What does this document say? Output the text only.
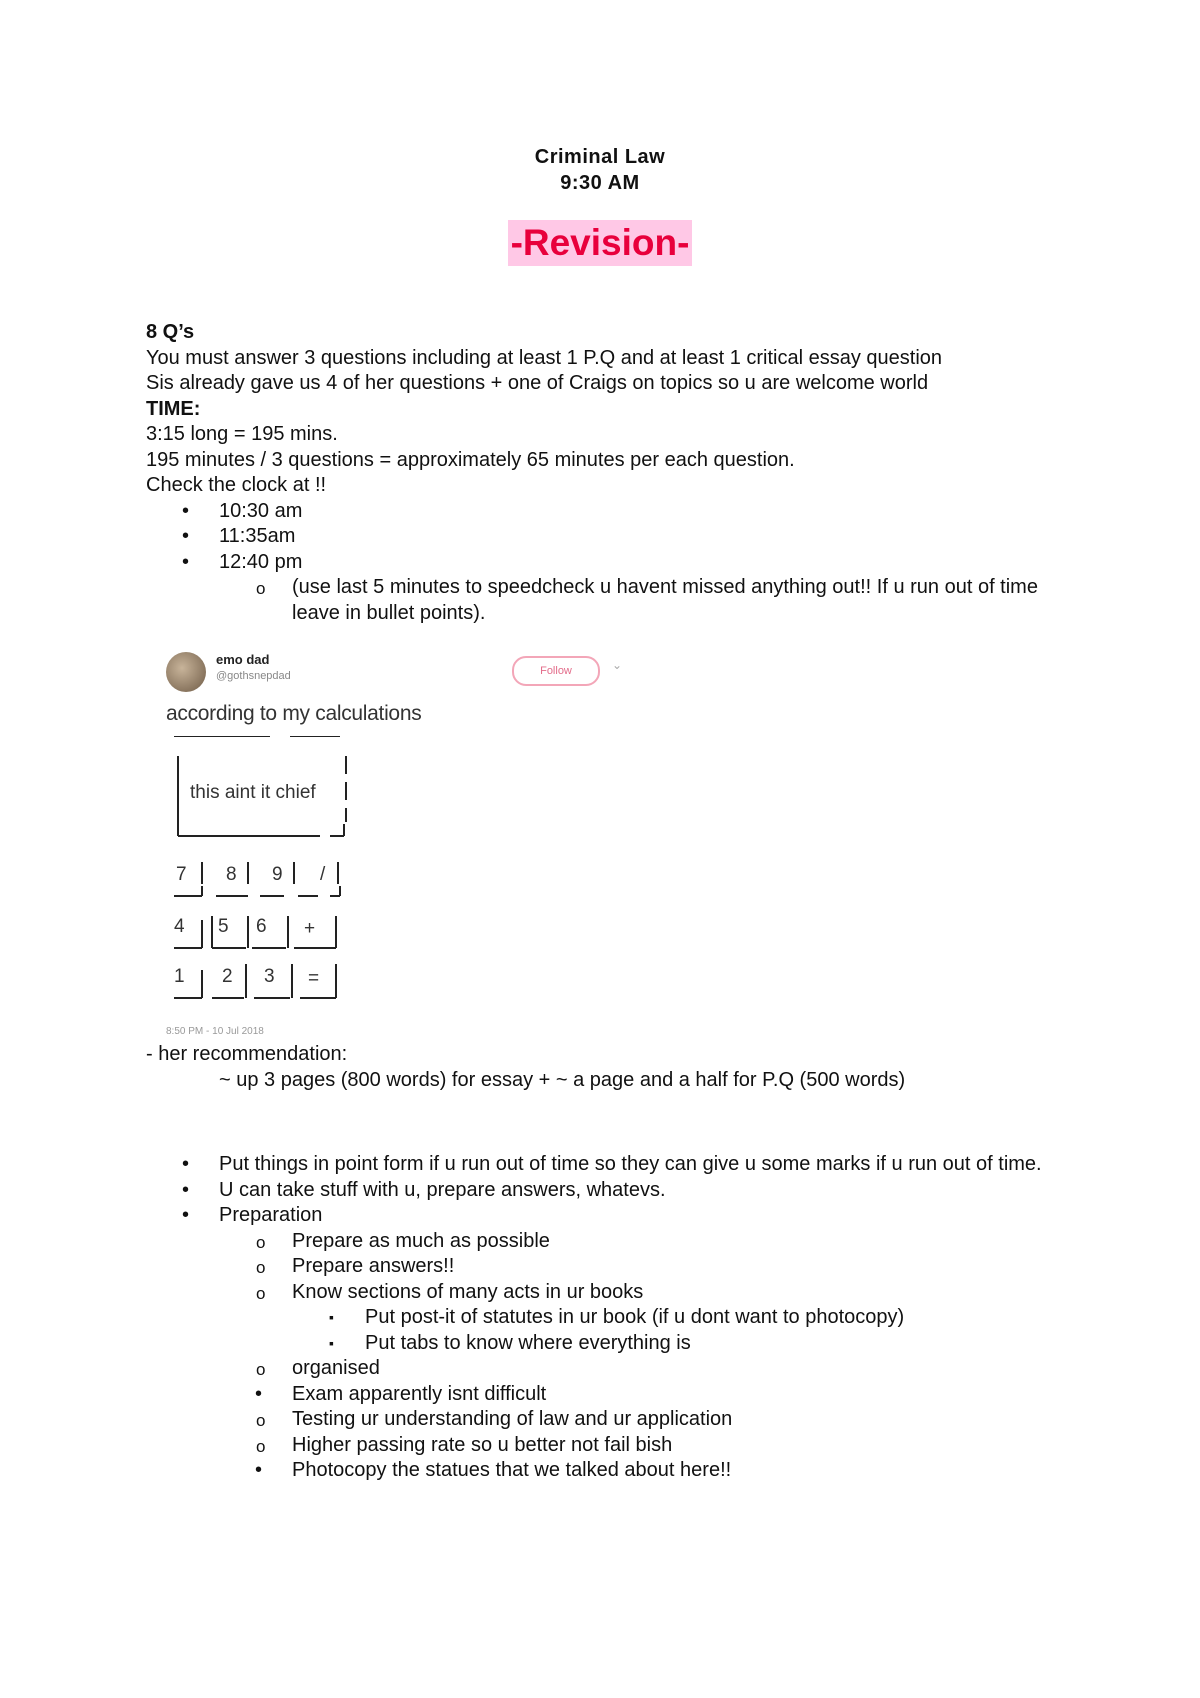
Criminal Law
9:30 AM
-Revision-

8 Q’s

You must answer 3 questions including at least 1 P.Q and at least 1 critical essay question

Sis already gave us 4 of her questions + one of Craigs on topics so u are welcome world

TIME:

3:15 long = 195 mins.

195 minutes / 3 questions = approximately 65 minutes per each question.

Check the clock at !!

• 10:30 am
• 11:35am
• 12:40 pm
o (use last 5 minutes to speedcheck u havent missed anything out!! If u run out of time leave in bullet points).
emo dad
@gothsnepdad	Follow	⌄
according to my calculations
this aint it chief
7 8 9 /
4 5 6 +
1 2 3 =
8:50 PM - 10 Jul 2018

- her recommendation:

~ up 3 pages (800 words) for essay + ~ a page and a half for P.Q (500 words)

• Put things in point form if u run out of time so they can give u some marks if u run out of time.
• U can take stuff with u, prepare answers, whatevs.
• Preparation
o Prepare as much as possible
o Prepare answers!!
o Know sections of many acts in ur books
▪ Put post-it of statutes in ur book (if u dont want to photocopy)
▪ Put tabs to know where everything is
o organised
• Exam apparently isnt difficult
o Testing ur understanding of law and ur application
o Higher passing rate so u better not fail bish
• Photocopy the statues that we talked about here!!
